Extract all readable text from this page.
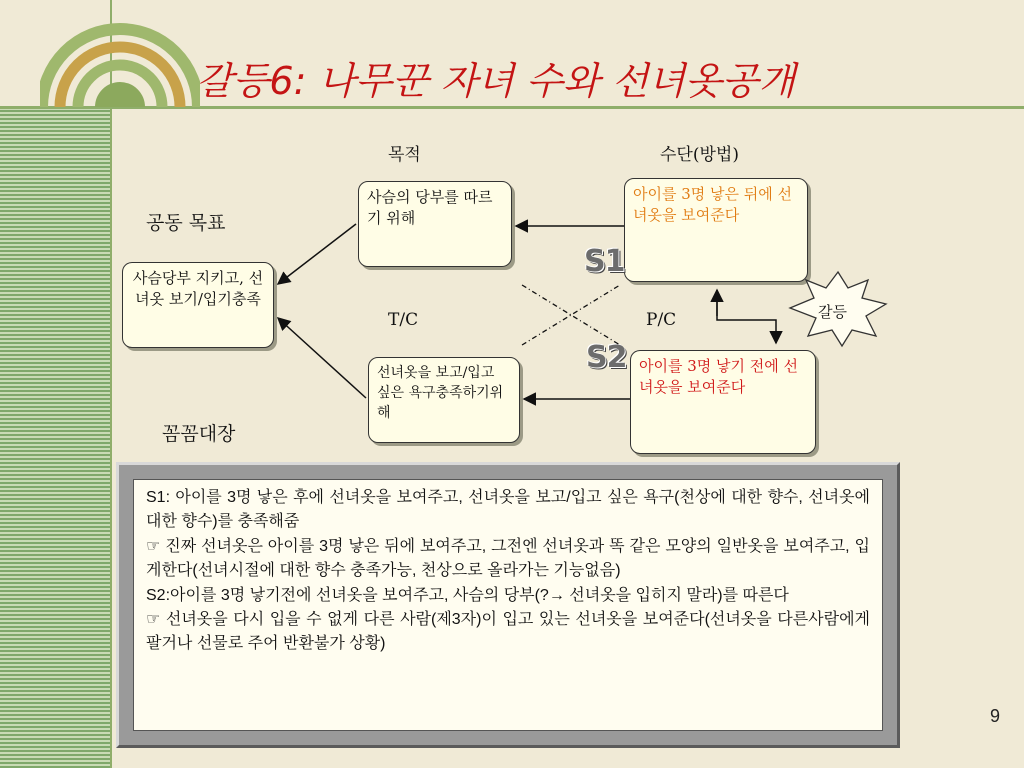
갈등6: 나무꾼 자녀 수와 선녀옷공개
목적	수단(방법)
공동 목표
T/C	P/C
꼼꼼대장
사슴당부 지키고, 선녀옷 보기/입기충족
사슴의 당부를 따르기 위해
선녀옷을 보고/입고 싶은 욕구충족하기위해
아이를 3명 낳은 뒤에 선녀옷을 보여준다
아이를 3명 낳기 전에 선녀옷을 보여준다
S1
S2
갈등

S1: 아이를 3명 낳은 후에 선녀옷을 보여주고, 선녀옷을 보고/입고 싶은 욕구(천상에 대한 향수, 선녀옷에 대한 향수)를 충족해줌

☞ 진짜 선녀옷은 아이를 3명 낳은 뒤에 보여주고, 그전엔 선녀옷과 똑 같은 모양의 일반옷을 보여주고, 입게한다(선녀시절에 대한 향수 충족가능, 천상으로 올라가는 기능없음)

S2:아이를 3명 낳기전에 선녀옷을 보여주고, 사슴의 당부(?→ 선녀옷을 입히지 말라)를 따른다

☞ 선녀옷을 다시 입을 수 없게 다른 사람(제3자)이 입고 있는 선녀옷을 보여준다(선녀옷을 다른사람에게 팔거나 선물로 주어 반환불가 상황)

9
